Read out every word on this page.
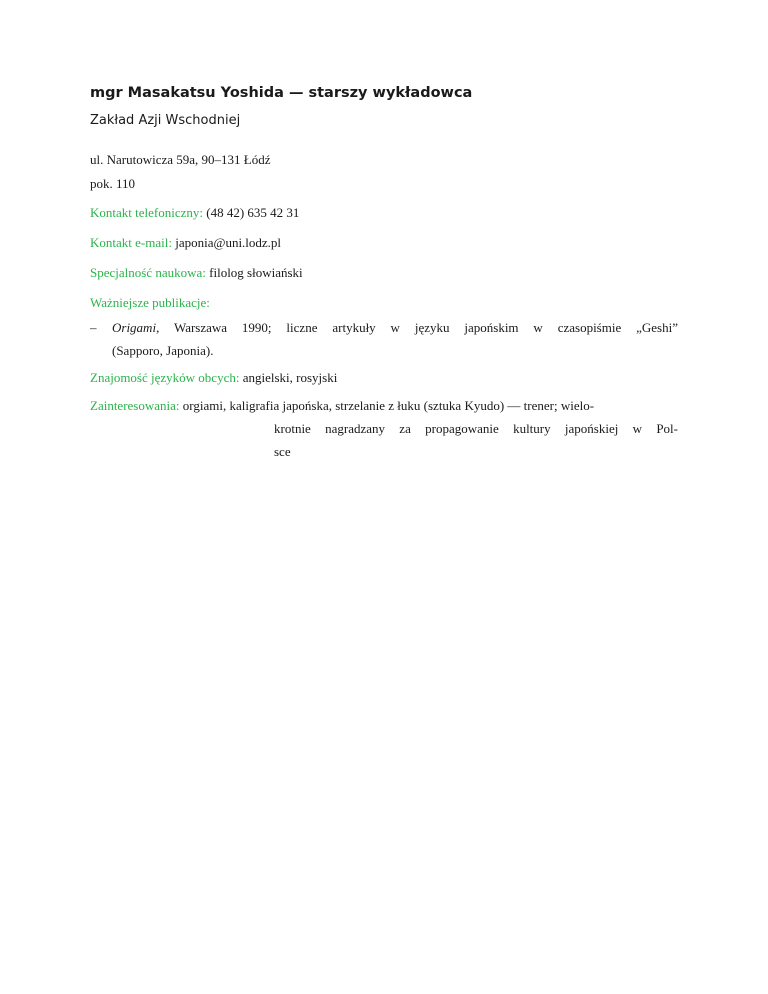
mgr Masakatsu Yoshida — starszy wykładowca
Zakład Azji Wschodniej
ul. Narutowicza 59a, 90–131 Łódź
pok. 110
Kontakt telefoniczny: (48 42) 635 42 31
Kontakt e-mail: japonia@uni.lodz.pl
Specjalność naukowa: filolog słowiański
Ważniejsze publikacje:
– Origami, Warszawa 1990; liczne artykuły w języku japońskim w czasopiśmie „Geshi”
(Sapporo, Japonia).
Znajomość języków obcych: angielski, rosyjski
Zainteresowania: orgiami, kaligrafia japońska, strzelanie z łuku (sztuka Kyudo) — trener; wielo-
krotnie nagradzany za propagowanie kultury japońskiej w Pol-
sce
